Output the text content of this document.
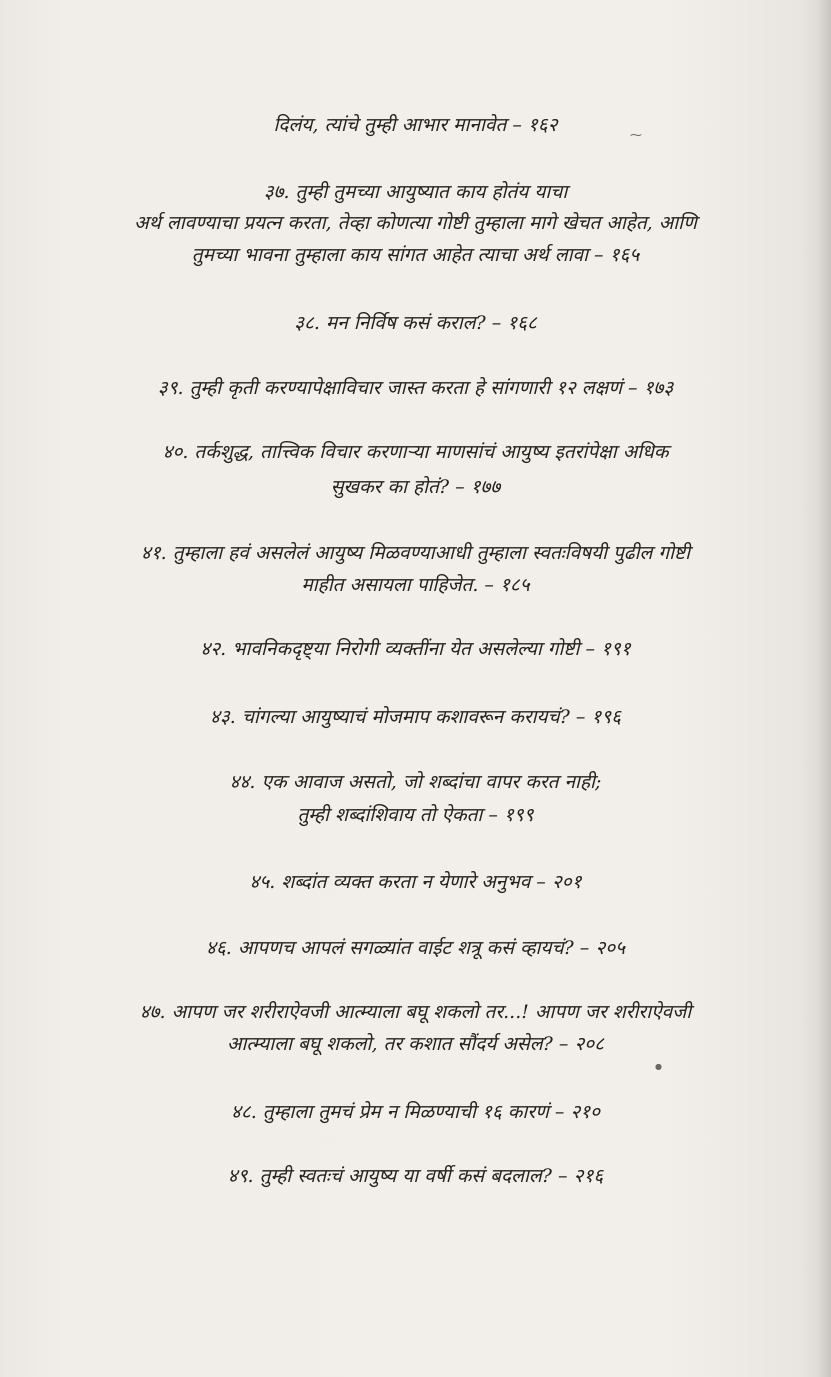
दिलंय, त्यांचे तुम्ही आभार मानावेत – १६२
३७. तुम्ही तुमच्या आयुष्यात काय होतंय याचा
अर्थ लावण्याचा प्रयत्न करता, तेव्हा कोणत्या गोष्टी तुम्हाला मागे खेचत आहेत, आणि
तुमच्या भावना तुम्हाला काय सांगत आहेत त्याचा अर्थ लावा – १६५
३८. मन निर्विष कसं कराल? – १६८
३९. तुम्ही कृती करण्यापेक्षाविचार जास्त करता हे सांगणारी १२ लक्षणं – १७३
४०. तर्कशुद्ध, तात्त्विक विचार करणाऱ्या माणसांचं आयुष्य इतरांपेक्षा अधिक
सुखकर का होतं? – १७७
४१. तुम्हाला हवं असलेलं आयुष्य मिळवण्याआधी तुम्हाला स्वतःविषयी पुढील गोष्टी
माहीत असायला पाहिजेत. – १८५
४२. भावनिकदृष्ट्या निरोगी व्यक्तींना येत असलेल्या गोष्टी – १९१
४३. चांगल्या आयुष्याचं मोजमाप कशावरून करायचं? – १९६
४४. एक आवाज असतो, जो शब्दांचा वापर करत नाही;
तुम्ही शब्दांशिवाय तो ऐकता – १९९
४५. शब्दांत व्यक्त करता न येणारे अनुभव – २०१
४६. आपणच आपलं सगळ्यांत वाईट शत्रू कसं व्हायचं? – २०५
४७. आपण जर शरीराऐवजी आत्म्याला बघू शकलो तर...! आपण जर शरीराऐवजी
आत्म्याला बघू शकलो, तर कशात सौंदर्य असेल? – २०८
४८. तुम्हाला तुमचं प्रेम न मिळण्याची १६ कारणं – २१०
४९. तुम्ही स्वतःचं आयुष्य या वर्षी कसं बदलाल? – २१६
⁓
●
